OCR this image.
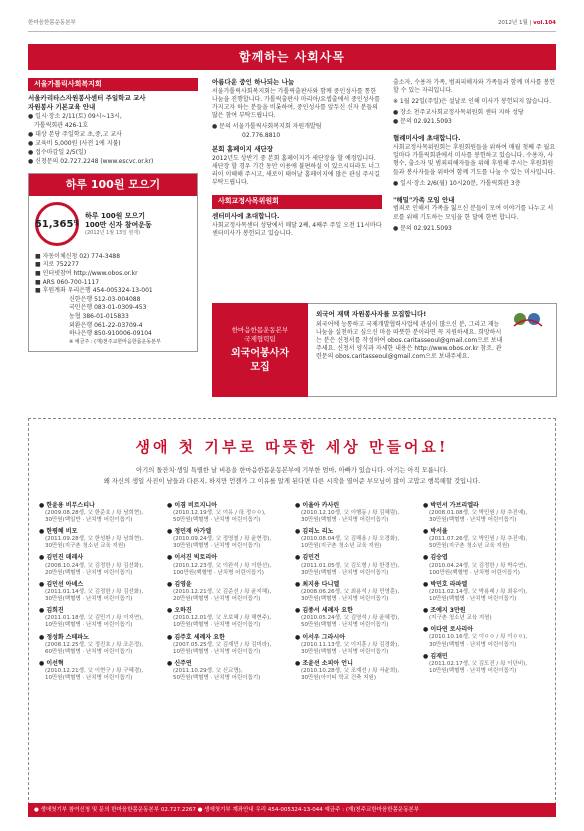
한마음한몸운동본부	2012년 1월 | vol.104
함께하는 사회사목
서울가톨릭사회복지회
서울카리타스자원봉사센터 주일학교 교사
자원봉사 기본교육 안내
● 일시·장소 2/11(토) 09시~13시,
가톨릭회관 426-1호
● 대상 본당 주일학교 초,중,고 교사
● 교육비 5,000원 (사전 1에 지불)
● 접수마감일 2/5(일)
● 신청문의 02.727.2248 (www.escvc.or.kr)
하루 100원 모으기
51,365 명
하루 100원 모으기
100만 신자 참여운동
(2012년 1월 13일 현재)
■ 자동이체신청 02) 774-3488
■ 지로 752277
■ 인터넷참여 http://www.obos.or.kr
■ ARS 060-700-1117
■ 후원계좌 우리은행 454-005324-13-001
신한은행 512-03-004088
국민은행 083-01-0309-453
농협 386-01-015833
외환은행 061-22-03709-4
하나은행 850-910006-09104
※ 예금주 : (재)천주교한마음한몸운동본부
아름다운 중인 하나되는 나눔

서울가톨릭사회복지회는 가톨릭출판사와 함께 중인성사를 통한 나눔을 진행합니다. 가톨릭출판사 마리아/요셉출에서 중인성사를 가지고자 하는 분들을 비롯하여, 중인성사를 앞두신 신자 분들의 많은 참여 부탁드립니다.

● 문의 서울가톨릭사회복지회 자원개발팀
02.776.8810
본회 홈페이지 새단장

2012년도 상반기 중 본회 홈페이지가 새단장을 할 예정입니다. 새단장 할 경우 기간 동안 이용에 불편하실 이 있으시더라도 너그러이 이해해 주시고, 새로이 태어날 홈페이지에 많은 관심 주시길 부탁드립니다.

사회교정사목위원회
센터미사에 초대합니다.

사회교정사목센터 성당에서 매달 2째, 4째주 주일 오전 11시마다 센터미사가 봉헌되고 있습니다.

출소자, 수용자 가족, 범죄피해자와 가족들과 함께 미사를 봉헌 할 수 있는 자리입니다.

※ 1월 22일(주일)은 설날로 인해 미사가 봉헌되지 않습니다.

● 장소 천주교사회교정사목위원회 센터 지하 성당
● 문의 02.921.5093
혈례미사에 초대합니다.

사회교정사목위원회는 후원회원들을 위하여 매월 첫째 주 월요일마다 가톨릭회관에서 미사를 봉헌하고 있습니다. 수용자, 사형수, 출소자 및 범죄피해자들을 위해 후원해 주시는 후원회원들과 봉사자들을 위하여 함께 기도를 나눌 수 있는 미사입니다.

● 일시·장소 2/6(월) 10시20분, 가톨릭회관 3층
"해밀"가족 모임 안내

범죄로 인해서 가족을 잃으신 분들이 모여 이야기를 나누고 서로를 위해 기도하는 모임을 한 달에 한번 합니다.

● 문의 02.921.5093
한마음한몸운동본부
국제협력팀
외국어봉사자
모집
외국어 재택 자원봉사자를 모집합니다!

외국어에 능통하고 국제개발협력사업에 관심이 많으신 분, 그리고 재능 나눔을 실천하고 싶으신 마음 따뜻한 분이라면 꼭 지원하세요. 희망하시는 분은 신청서를 작성하여 obos.caritasseoul@gmail.com으로 보내주세요. 신청서 양식과 자세한 내용은 http://www.obos.or.kr 참조. 관련문의 obos.caritasseoul@gmail.com으로 보내주세요.

생애 첫 기부로 따뜻한 세상 만들어요!
아기의 돌잔치·생일 특별한 날 비용을 한마음한몸운동본부에 기부한 엄마, 아빠가 있습니다. 아기는 아직 모릅니다.
왜 자신의 생일 사진이 남들과 다른지, 하지만 언젠가 그 이유를 알게 된다면 다른 시작을 열어준 부모님이 많이 고맙고 행복해할 것입니다.
● 한윤용 비무스티나
(2009.08.28생, 父 한준호 / 母 남희현),
30만원(백일반 · 난치병 어린이돕기)
● 한평혜 비모
(2011.09.28생, 父 한성환 / 母 남희현),
30만원(지구촌 청소년 교육 지원)
● 김민진 데레사
(2008.10.24생, 父 김정한 / 母 김선화),
20만원(백혈병 · 난치병 어린이돕기)
● 김민선 아녜스
(2011.01.14생, 父 김정한 / 母 김선화),
30만원(백혈병 · 난치병 어린이돕기)
● 김희진
(2011.01.18생, 父 김민기 / 母 이지연),
10만원(백혈병 · 난치병 어린이돕기)
● 정성화 스테파노
(2008.12.25생, 父 정진호 / 母 조은정),
60만원(백혈병 · 난치병 어린이돕기)
● 이선혁
(2010.12.21생, 父 이현구 / 母 구혜경),
10만원(백혈병 · 난치병 어린이돕기)
● 이겸 비르지니아
(2010.12.19생, 父 이유 / 母 정ㅇㅇ),
50만원(백혈병 · 난치병 어린이돕기)
● 정민재 아가엘
(2010.09.24생, 父 정영철 / 母 윤현정),
30만원(백혈병 · 난치병 어린이돕기)
● 이서진 빅토리아
(2010.12.23생, 父 이완석 / 母 이한선),
100만원(백혈병 · 난치병 어린이돕기)
● 김영윤
(2010.12.21생, 父 김준선 / 母 윤지혜),
20만원(백혈병 · 난치병 어린이돕기)
● 오하진
(2010.12.01생, 父 오보혜 / 母 해현주),
10만원(백혈병 · 난치병 어린이돕기)
● 김주호 세례자 요한
(2007.05.25생, 父 김재민 / 母 김미라),
10만원(백혈병 · 난치병 어린이돕기)
● 신주연
(2011.10.29생, 父 신교명),
50만원(백혈병 · 난치병 어린이돕기)
● 이율아 카사린
(2010.12.10생, 父 이행동 / 母 김혜림),
30만원(백혈병 · 난치병 어린이돕기)
● 김리노 리노
(2010.08.04생, 父 김해용 / 母 오경화),
10만원(지구촌 청소년 교육 지원)
● 김민건
(2011.01.05생, 父 김도형 / 母 한경선),
30만원(백혈병 · 난치병 어린이돕기)
● 최지용 다니엘
(2008.06.26생, 父 최용석 / 母 민영훈),
30만원(백혈병 · 난치병 어린이돕기)
● 김종서 세례자 요한
(2010.05.24생, 父 김영석 / 母 윤혜정),
50만원(백혈병 · 난치병 어린이돕기)
● 이서우 그라시아
(2010.11.13생, 父 이지훈 / 母 김경화),
30만원(백혈병 · 난치병 어린이돕기)
● 조윤선 소피아 언니
(2010.10.28생, 父 조재선 / 母 서윤희),
30만원(아이티 학교 건축 지원)
● 박민서 가브리엘라
(2008.01.08생, 父 박민원 / 母 추진예),
30만원(백혈병 · 난치병 어린이돕기)
● 박서율
(2011.07.26생, 父 박민원 / 母 추진예),
50만원(지구촌 청소년 교육 지원)
● 김승엽
(2010.04.24생, 父 김정한 / 母 박수연),
100만원(백혈병 · 난치병 어린이돕기)
● 박민호 라파엘
(2011.02.14생, 父 박용래 / 母 최유이),
10만원(백혈병 · 난치병 어린이돕기)
● 조예지 3만원
(지구촌 청소년 교육 지원)
● 이다연 로사리아
(2010.10.16생, 父 이ㅇㅇ / 母 이ㅇㅇ),
30만원(백혈병 · 난치병 어린이돕기)
● 김재민
(2011.02.17생, 父 김도진 / 母 이단비),
10만원(백혈병 · 난치병 어린이돕기)
● 생애첫기부 참여신청 및 문의 한마음한몸운동본부 02.727.2267 ● 생애첫기부 계좌안내 우리 454-005324-13-044 예금주 : (재)천주교한마음한몸운동본부
